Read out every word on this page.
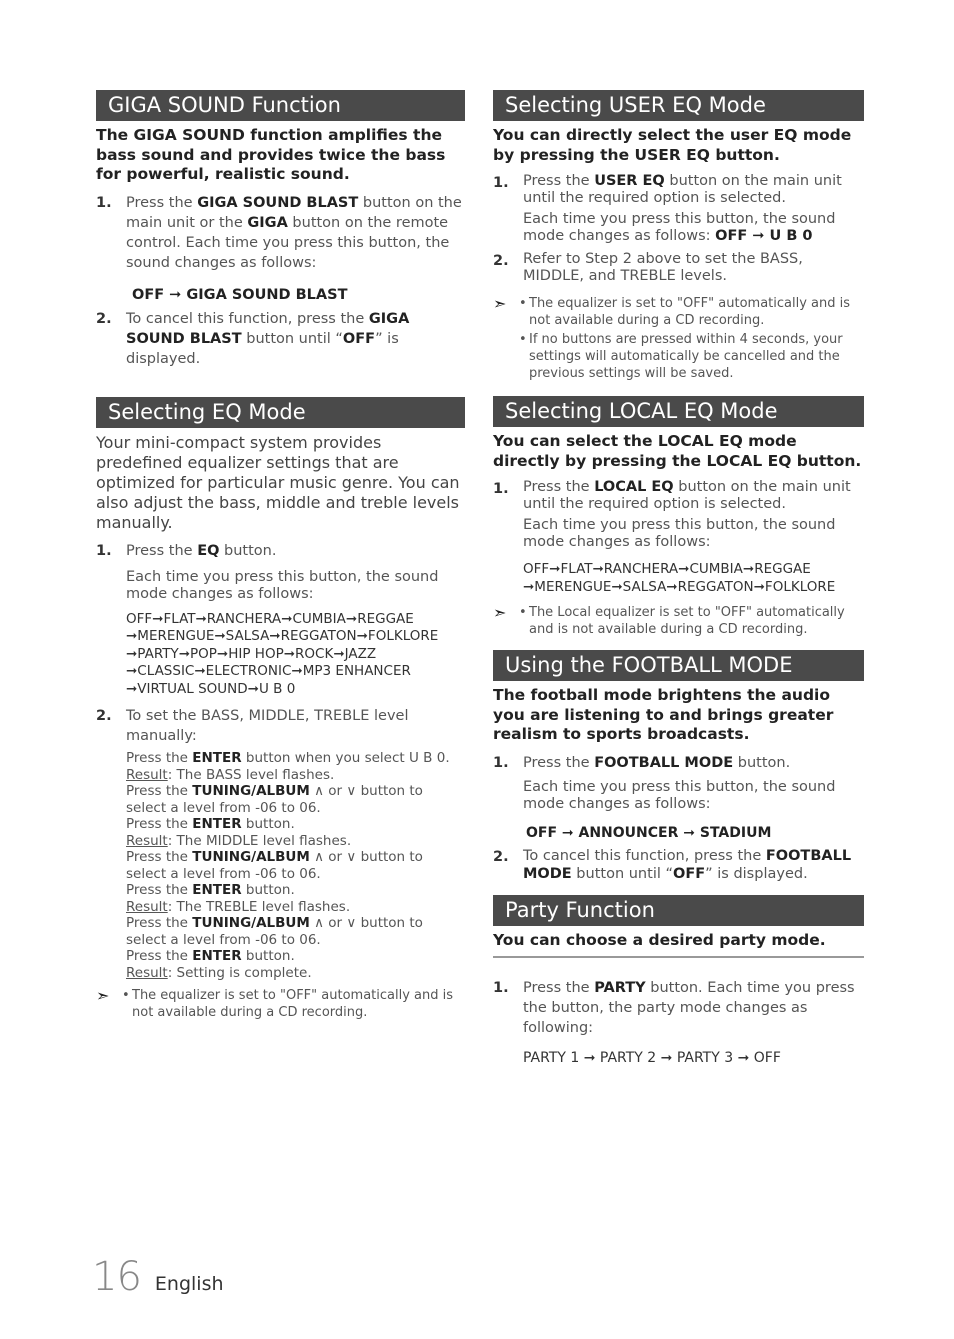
GIGA SOUND Function

The GIGA SOUND function amplifies the bass sound and provides twice the bass for powerful, realistic sound.

1. Press the GIGA SOUND BLAST button on the main unit or the GIGA button on the remote control. Each time you press this button, the sound changes as follows:
OFF ➞ GIGA SOUND BLAST
2. To cancel this function, press the GIGA SOUND BLAST button until “OFF” is displayed.
Selecting EQ Mode

Your mini-compact system provides predefined equalizer settings that are optimized for particular music genre. You can also adjust the bass, middle and treble levels manually.

1. Press the EQ button.
Each time you press this button, the sound mode changes as follows:
OFF➞FLAT➞RANCHERA➞CUMBIA➞REGGAE
➞MERENGUE➞SALSA➞REGGATON➞FOLKLORE
➞PARTY➞POP➞HIP HOP➞ROCK➞JAZZ
➞CLASSIC➞ELECTRONIC➞MP3 ENHANCER
➞VIRTUAL SOUND➞U B 0
2. To set the BASS, MIDDLE, TREBLE level manually:
Press the ENTER button when you select U B 0.
Result: The BASS level flashes.
Press the TUNING/ALBUM ∧ or ∨ button to select a level from -06 to 06.
Press the ENTER button.
Result: The MIDDLE level flashes.
Press the TUNING/ALBUM ∧ or ∨ button to select a level from -06 to 06.
Press the ENTER button.
Result: The TREBLE level flashes.
Press the TUNING/ALBUM ∧ or ∨ button to select a level from -06 to 06.
Press the ENTER button.
Result: Setting is complete.
➣ • The equalizer is set to "OFF" automatically and is not available during a CD recording.
Selecting USER EQ Mode

You can directly select the user EQ mode by pressing the USER EQ button.

1. Press the USER EQ button on the main unit until the required option is selected.
Each time you press this button, the sound mode changes as follows: OFF ➞ U B 0
2. Refer to Step 2 above to set the BASS, MIDDLE, and TREBLE levels.
➣ • The equalizer is set to "OFF" automatically and is not available during a CD recording.
• If no buttons are pressed within 4 seconds, your settings will automatically be cancelled and the previous settings will be saved.
Selecting LOCAL EQ Mode

You can select the LOCAL EQ mode directly by pressing the LOCAL EQ button.

1. Press the LOCAL EQ button on the main unit until the required option is selected.
Each time you press this button, the sound mode changes as follows:
OFF➞FLAT➞RANCHERA➞CUMBIA➞REGGAE
➞MERENGUE➞SALSA➞REGGATON➞FOLKLORE
➣ • The Local equalizer is set to "OFF" automatically and is not available during a CD recording.
Using the FOOTBALL MODE

The football mode brightens the audio you are listening to and brings greater realism to sports broadcasts.

1. Press the FOOTBALL MODE button.
Each time you press this button, the sound mode changes as follows:
OFF ➞ ANNOUNCER ➞ STADIUM
2. To cancel this function, press the FOOTBALL MODE button until “OFF” is displayed.
Party Function

You can choose a desired party mode.

1. Press the PARTY button. Each time you press the button, the party mode changes as following:
PARTY 1 ➞ PARTY 2 ➞ PARTY 3 ➞ OFF
16 English
